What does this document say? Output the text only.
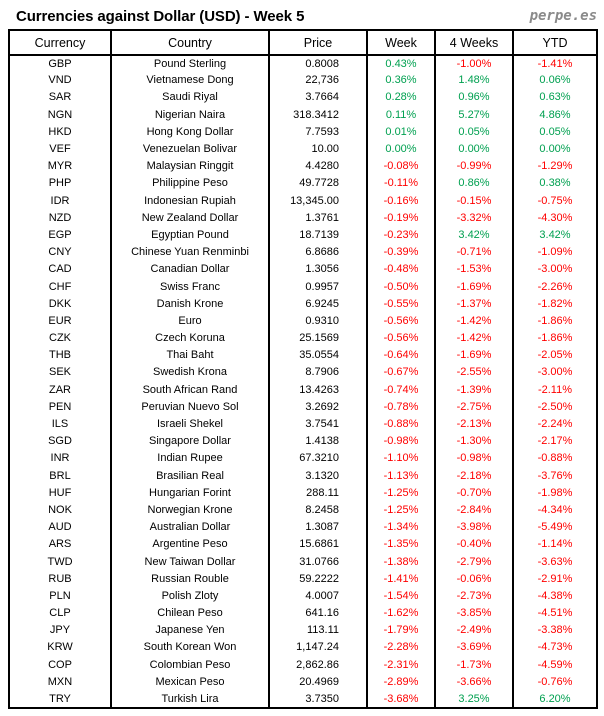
Currencies against Dollar (USD) - Week 5	perpe.es
Currency	Country	Price	Week	4 Weeks	YTD
GBP	Pound Sterling	0.8008	0.43%	-1.00%	-1.41%
VND	Vietnamese Dong	22,736	0.36%	1.48%	0.06%
SAR	Saudi Riyal	3.7664	0.28%	0.96%	0.63%
NGN	Nigerian Naira	318.3412	0.11%	5.27%	4.86%
HKD	Hong Kong Dollar	7.7593	0.01%	0.05%	0.05%
VEF	Venezuelan Bolivar	10.00	0.00%	0.00%	0.00%
MYR	Malaysian Ringgit	4.4280	-0.08%	-0.99%	-1.29%
PHP	Philippine Peso	49.7728	-0.11%	0.86%	0.38%
IDR	Indonesian Rupiah	13,345.00	-0.16%	-0.15%	-0.75%
NZD	New Zealand Dollar	1.3761	-0.19%	-3.32%	-4.30%
EGP	Egyptian Pound	18.7139	-0.23%	3.42%	3.42%
CNY	Chinese Yuan Renminbi	6.8686	-0.39%	-0.71%	-1.09%
CAD	Canadian Dollar	1.3056	-0.48%	-1.53%	-3.00%
CHF	Swiss Franc	0.9957	-0.50%	-1.69%	-2.26%
DKK	Danish Krone	6.9245	-0.55%	-1.37%	-1.82%
EUR	Euro	0.9310	-0.56%	-1.42%	-1.86%
CZK	Czech Koruna	25.1569	-0.56%	-1.42%	-1.86%
THB	Thai Baht	35.0554	-0.64%	-1.69%	-2.05%
SEK	Swedish Krona	8.7906	-0.67%	-2.55%	-3.00%
ZAR	South African Rand	13.4263	-0.74%	-1.39%	-2.11%
PEN	Peruvian Nuevo Sol	3.2692	-0.78%	-2.75%	-2.50%
ILS	Israeli Shekel	3.7541	-0.88%	-2.13%	-2.24%
SGD	Singapore Dollar	1.4138	-0.98%	-1.30%	-2.17%
INR	Indian Rupee	67.3210	-1.10%	-0.98%	-0.88%
BRL	Brasilian Real	3.1320	-1.13%	-2.18%	-3.76%
HUF	Hungarian Forint	288.11	-1.25%	-0.70%	-1.98%
NOK	Norwegian Krone	8.2458	-1.25%	-2.84%	-4.34%
AUD	Australian Dollar	1.3087	-1.34%	-3.98%	-5.49%
ARS	Argentine Peso	15.6861	-1.35%	-0.40%	-1.14%
TWD	New Taiwan Dollar	31.0766	-1.38%	-2.79%	-3.63%
RUB	Russian Rouble	59.2222	-1.41%	-0.06%	-2.91%
PLN	Polish Zloty	4.0007	-1.54%	-2.73%	-4.38%
CLP	Chilean Peso	641.16	-1.62%	-3.85%	-4.51%
JPY	Japanese Yen	113.11	-1.79%	-2.49%	-3.38%
KRW	South Korean Won	1,147.24	-2.28%	-3.69%	-4.73%
COP	Colombian Peso	2,862.86	-2.31%	-1.73%	-4.59%
MXN	Mexican Peso	20.4969	-2.89%	-3.66%	-0.76%
TRY	Turkish Lira	3.7350	-3.68%	3.25%	6.20%
